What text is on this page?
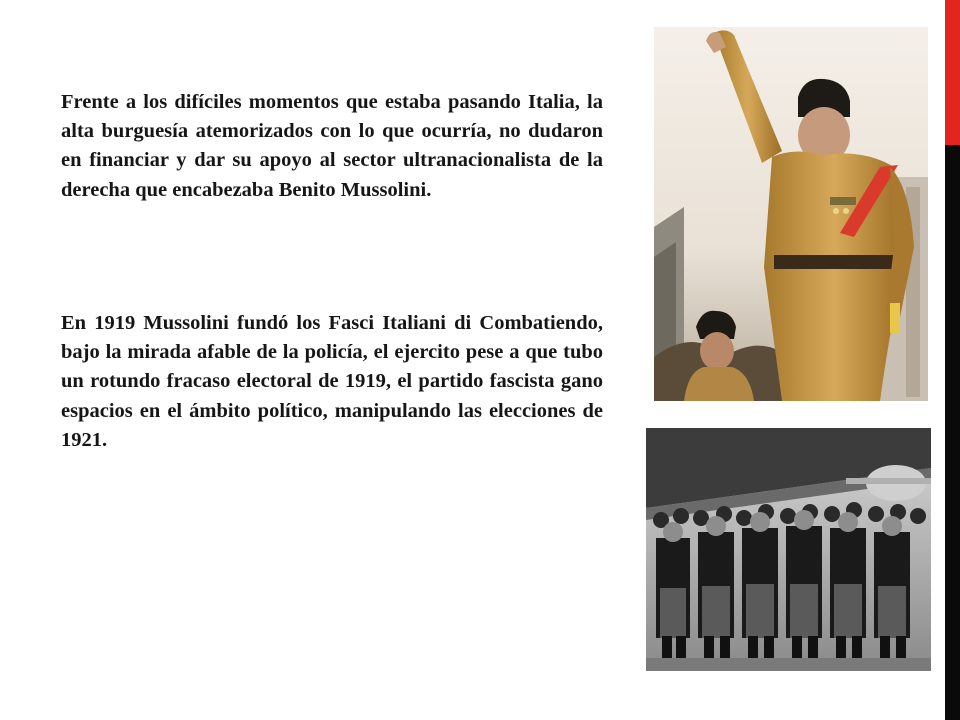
Frente a los difíciles momentos que estaba pasando Italia, la alta burguesía atemorizados con lo que ocurría, no dudaron en financiar y dar su apoyo al sector ultranacionalista de la derecha que encabezaba Benito Mussolini.

En 1919 Mussolini fundó los Fasci Italiani di Combatiendo, bajo la mirada afable de la policía, el ejercito pese a que tubo un rotundo fracaso electoral de 1919, el partido fascista gano espacios en el ámbito político, manipulando las elecciones de 1921.
